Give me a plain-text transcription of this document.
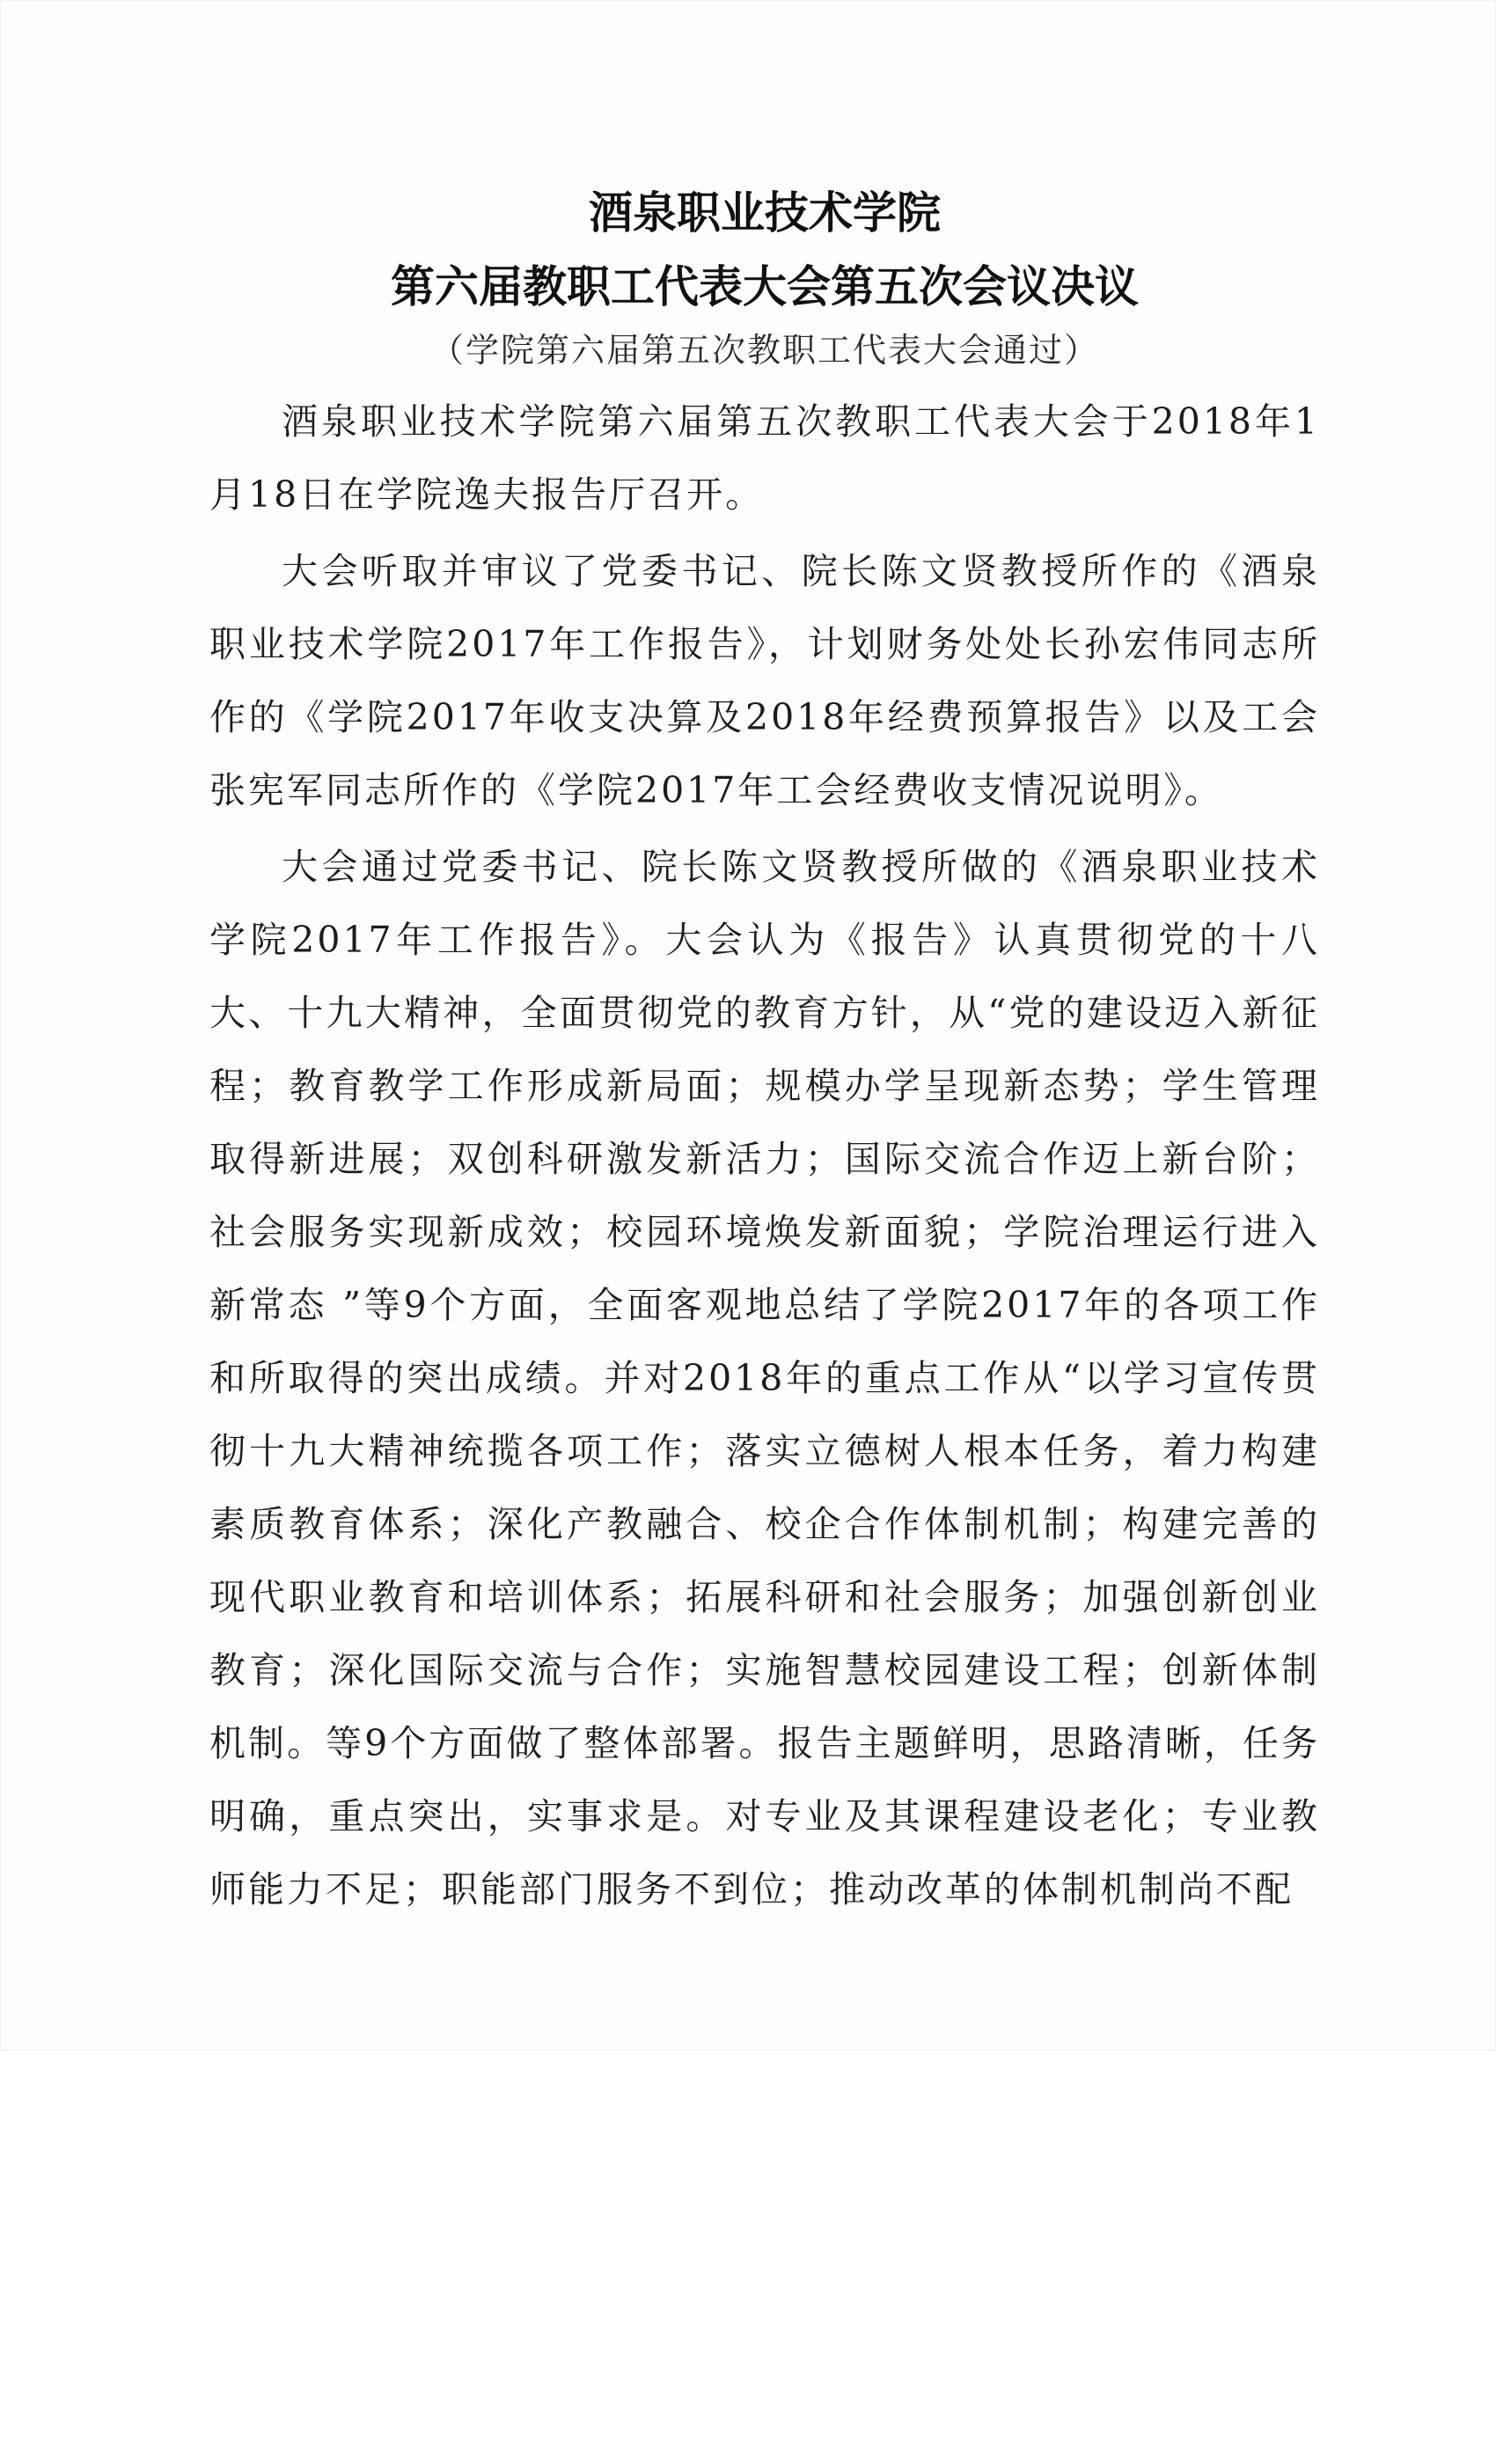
酒泉职业技术学院
第六届教职工代表大会第五次会议决议

（学院第六届第五次教职工代表大会通过）

酒泉职业技术学院第六届第五次教职工代表大会于2018年1月18日在学院逸夫报告厅召开。

大会听取并审议了党委书记、院长陈文贤教授所作的《酒泉职业技术学院2017年工作报告》，计划财务处处长孙宏伟同志所作的《学院2017年收支决算及2018年经费预算报告》以及工会张宪军同志所作的《学院2017年工会经费收支情况说明》。

大会通过党委书记、院长陈文贤教授所做的《酒泉职业技术学院2017年工作报告》。大会认为《报告》认真贯彻党的十八大、十九大精神，全面贯彻党的教育方针，从“党的建设迈入新征程；教育教学工作形成新局面；规模办学呈现新态势；学生管理取得新进展；双创科研激发新活力；国际交流合作迈上新台阶；社会服务实现新成效；校园环境焕发新面貌；学院治理运行进入新常态 ”等9个方面，全面客观地总结了学院2017年的各项工作和所取得的突出成绩。并对2018年的重点工作从“以学习宣传贯彻十九大精神统揽各项工作；落实立德树人根本任务，着力构建素质教育体系；深化产教融合、校企合作体制机制；构建完善的现代职业教育和培训体系；拓展科研和社会服务；加强创新创业教育；深化国际交流与合作；实施智慧校园建设工程；创新体制机制。等9个方面做了整体部署。报告主题鲜明，思路清晰，任务明确，重点突出，实事求是。对专业及其课程建设老化；专业教师能力不足；职能部门服务不到位；推动改革的体制机制尚不配
